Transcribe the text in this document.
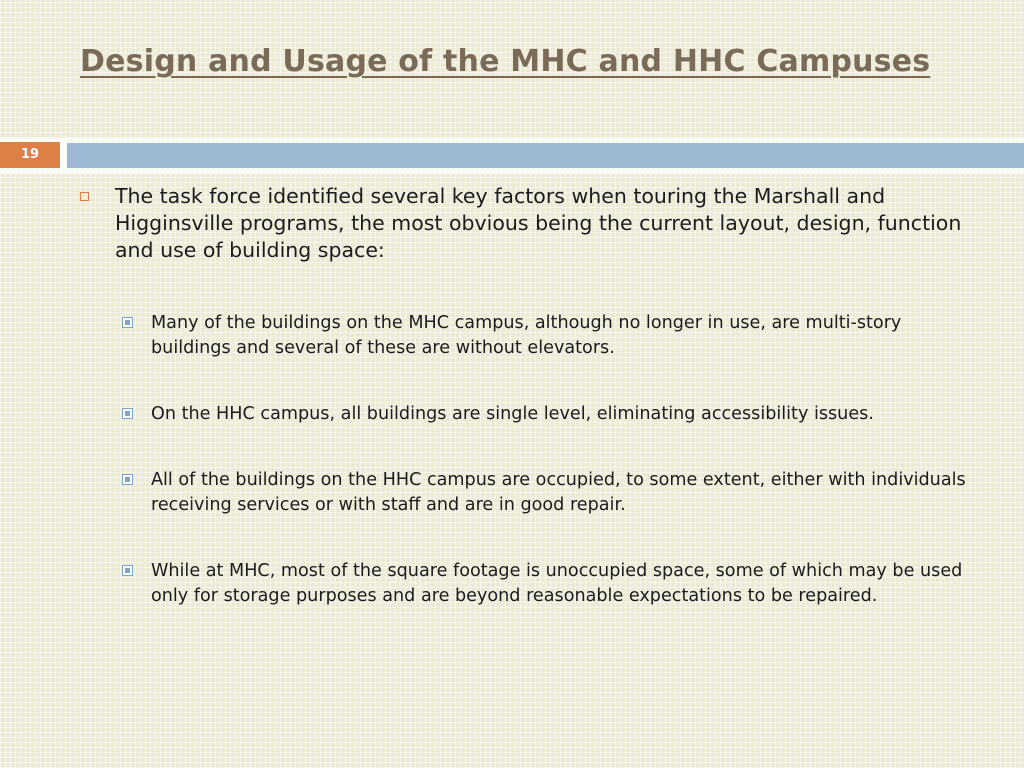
Design and Usage of the MHC and HHC Campuses
19
The task force identified several key factors when touring the Marshall and Higginsville programs, the most obvious being the current layout, design, function and use of building space:
Many of the buildings on the MHC campus, although no longer in use, are multi-story buildings and several of these are without elevators.
On the HHC campus, all buildings are single level, eliminating accessibility issues.
All of the buildings on the HHC campus are occupied, to some extent, either with individuals receiving services or with staff and are in good repair.
While at MHC, most of the square footage is unoccupied space, some of which may be used only for storage purposes and are beyond reasonable expectations to be repaired.
